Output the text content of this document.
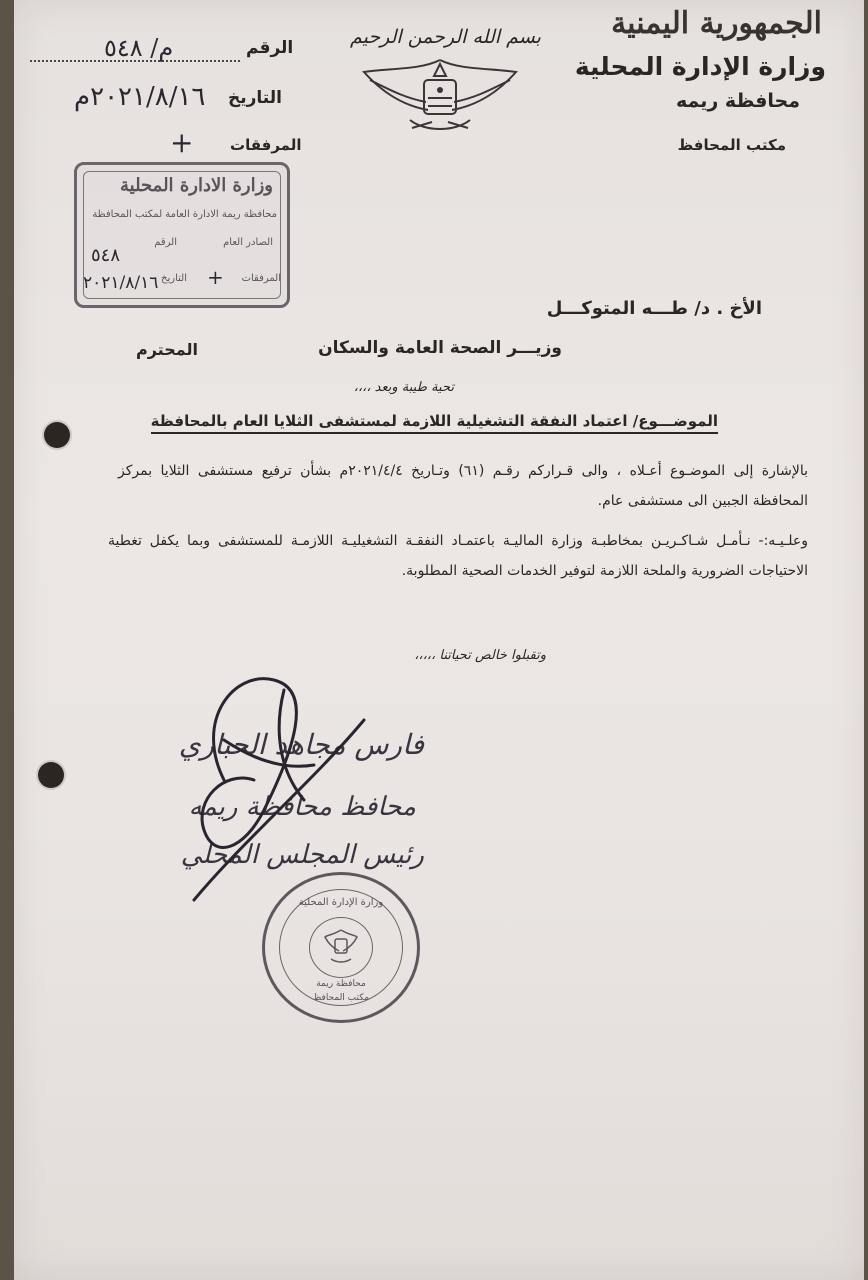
الجمهورية اليمنية
وزارة الإدارة المحلية
محافظة ريمه
مكتب المحافظ
بسم الله الرحمن الرحيم
الرقم
م/ ٥٤٨
التاريخ
٢٠٢١/٨/١٦م
المرفقات
+
وزارة الادارة المحلية
محافظة ريمة الادارة العامة لمكتب المحافظة
الصادر العام
الرقم
٥٤٨
المرفقات
+
التاريخ
٢٠٢١/٨/١٦
الأخ . د/ طـــه المتوكـــل
وزيـــر الصحة العامة والسكان
المحترم
تحية طيبة وبعد ،،،،
الموضـــوع/ اعتماد النفقة التشغيلية اللازمة لمستشفى الثلايا العام بالمحافظة
بالإشارة إلى الموضـوع أعـلاه ، والى قـراركم رقـم (٦١) وتـاريخ ٢٠٢١/٤/٤م بشأن ترفيع مستشفى الثلايا بمركز المحافظة الجبين الى مستشفى عام.
وعلـيـه:- نـأمـل شـاكـريـن بمخاطبـة وزارة الماليـة باعتمـاد النفقـة التشغيليـة اللازمـة للمستشفى وبما يكفل تغطية الاحتياجات الضرورية والملحة اللازمة لتوفير الخدمات الصحية المطلوبة.
وتقبلوا خالص تحياتنا ،،،،،
فارس مجاهد الحباري
محافظ محافظة ريمه
رئيس المجلس المحلي
وزارة الإدارة المحلية
محافظة ريمة
مكتب المحافظ
